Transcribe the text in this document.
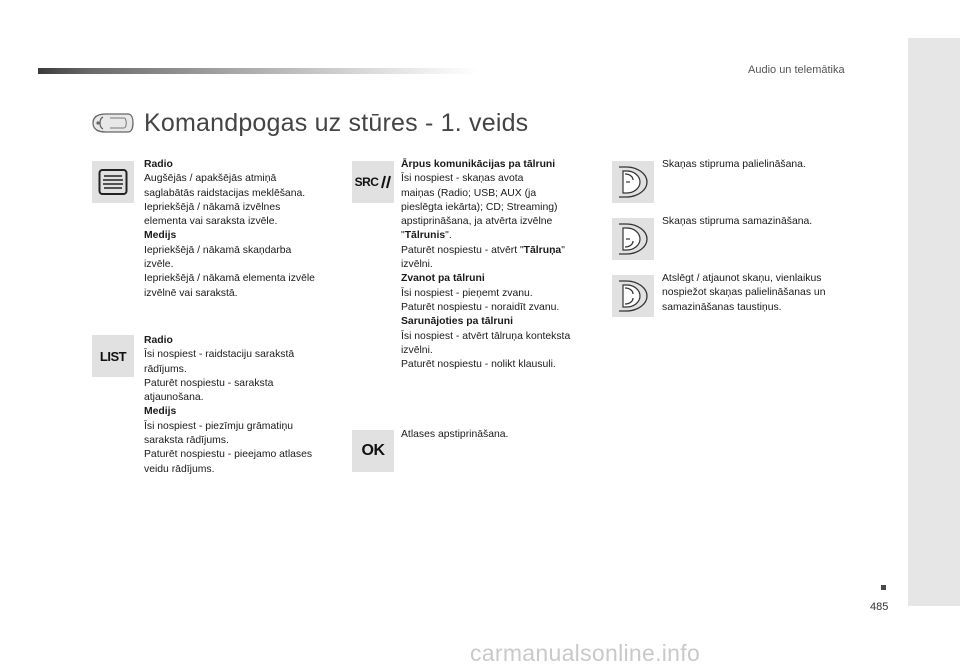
Audio un telemātika
485
Komandpogas uz stūres - 1. veids
LIST

Radio

Augšējās / apakšējās atmiņā

saglabātās raidstacijas meklēšana.

Iepriekšējā / nākamā izvēlnes

elementa vai saraksta izvēle.

Medijs

Iepriekšējā / nākamā skaņdarba

izvēle.

Iepriekšējā / nākamā elementa izvēle

izvēlnē vai sarakstā.

Radio

Īsi nospiest - raidstaciju sarakstā

rādījums.

Paturēt nospiestu - saraksta

atjaunošana.

Medijs

Īsi nospiest - piezīmju grāmatiņu

saraksta rādījums.

Paturēt nospiestu - pieejamo atlases

veidu rādījums.

SRC
OK

Ārpus komunikācijas pa tālruni

Īsi nospiest - skaņas avota

maiņas (Radio; USB; AUX (ja

pieslēgta iekārta); CD; Streaming)

apstiprināšana, ja atvērta izvēlne

"Tālrunis".

Paturēt nospiestu - atvērt "Tālruņa"

izvēlni.

Zvanot pa tālruni

Īsi nospiest - pieņemt zvanu.

Paturēt nospiestu - noraidīt zvanu.

Sarunājoties pa tālruni

Īsi nospiest - atvērt tālruņa konteksta

izvēlni.

Paturēt nospiestu - nolikt klausuli.

Atlases apstiprināšana.

Skaņas stipruma palielināšana.

Skaņas stipruma samazināšana.

Atslēgt / atjaunot skaņu, vienlaikus

nospiežot skaņas palielināšanas un

samazināšanas taustiņus.

carmanualsonline.info
